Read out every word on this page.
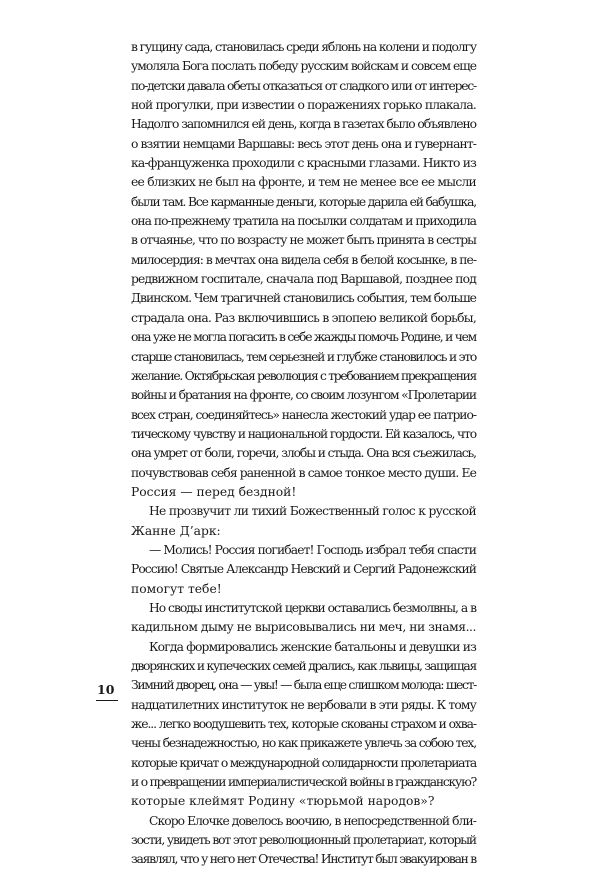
в гущину сада, становилась среди яблонь на колени и подолгу
умоляла Бога послать победу русским войскам и совсем еще
по-детски давала обеты отказаться от сладкого или от интерес-
ной прогулки, при известии о поражениях горько плакала.
Надолго запомнился ей день, когда в газетах было объявлено
о взятии немцами Варшавы: весь этот день она и гувернант-
ка-француженка проходили с красными глазами. Никто из
ее близких не был на фронте, и тем не менее все ее мысли
были там. Все карманные деньги, которые дарила ей бабушка,
она по-прежнему тратила на посылки солдатам и приходила
в отчаянье, что по возрасту не может быть принята в сестры
милосердия: в мечтах она видела себя в белой косынке, в пе-
редвижном госпитале, сначала под Варшавой, позднее под
Двинском. Чем трагичней становились события, тем больше
страдала она. Раз включившись в эпопею великой борьбы,
она уже не могла погасить в себе жажды помочь Родине, и чем
старше становилась, тем серьезней и глубже становилось и это
желание. Октябрьская революция с требованием прекращения
войны и братания на фронте, со своим лозунгом «Пролетарии
всех стран, соединяйтесь» нанесла жестокий удар ее патрио-
тическому чувству и национальной гордости. Ей казалось, что
она умрет от боли, горечи, злобы и стыда. Она вся съежилась,
почувствовав себя раненной в самое тонкое место души. Ее
Россия — перед бездной!
Не прозвучит ли тихий Божественный голос к русской
Жанне Д’арк:
— Молись! Россия погибает! Господь избрал тебя спасти
Россию! Святые Александр Невский и Сергий Радонежский
помогут тебе!
Но своды институтской церкви оставались безмолвны, а в
кадильном дыму не вырисовывались ни меч, ни знамя...
Когда формировались женские батальоны и девушки из
дворянских и купеческих семей дрались, как львицы, защищая
Зимний дворец, она — увы! — была еще слишком молода: шест-
надцатилетних институток не вербовали в эти ряды. К тому
же... легко воодушевить тех, которые скованы страхом и охва-
чены безнадежностью, но как прикажете увлечь за собою тех,
которые кричат о международной солидарности пролетариата
и о превращении империалистической войны в гражданскую?
которые клеймят Родину «тюрьмой народов»?
Скоро Елочке довелось воочию, в непосредственной бли-
зости, увидеть вот этот революционный пролетариат, который
заявлял, что у него нет Отечества! Институт был эвакуирован в
10
